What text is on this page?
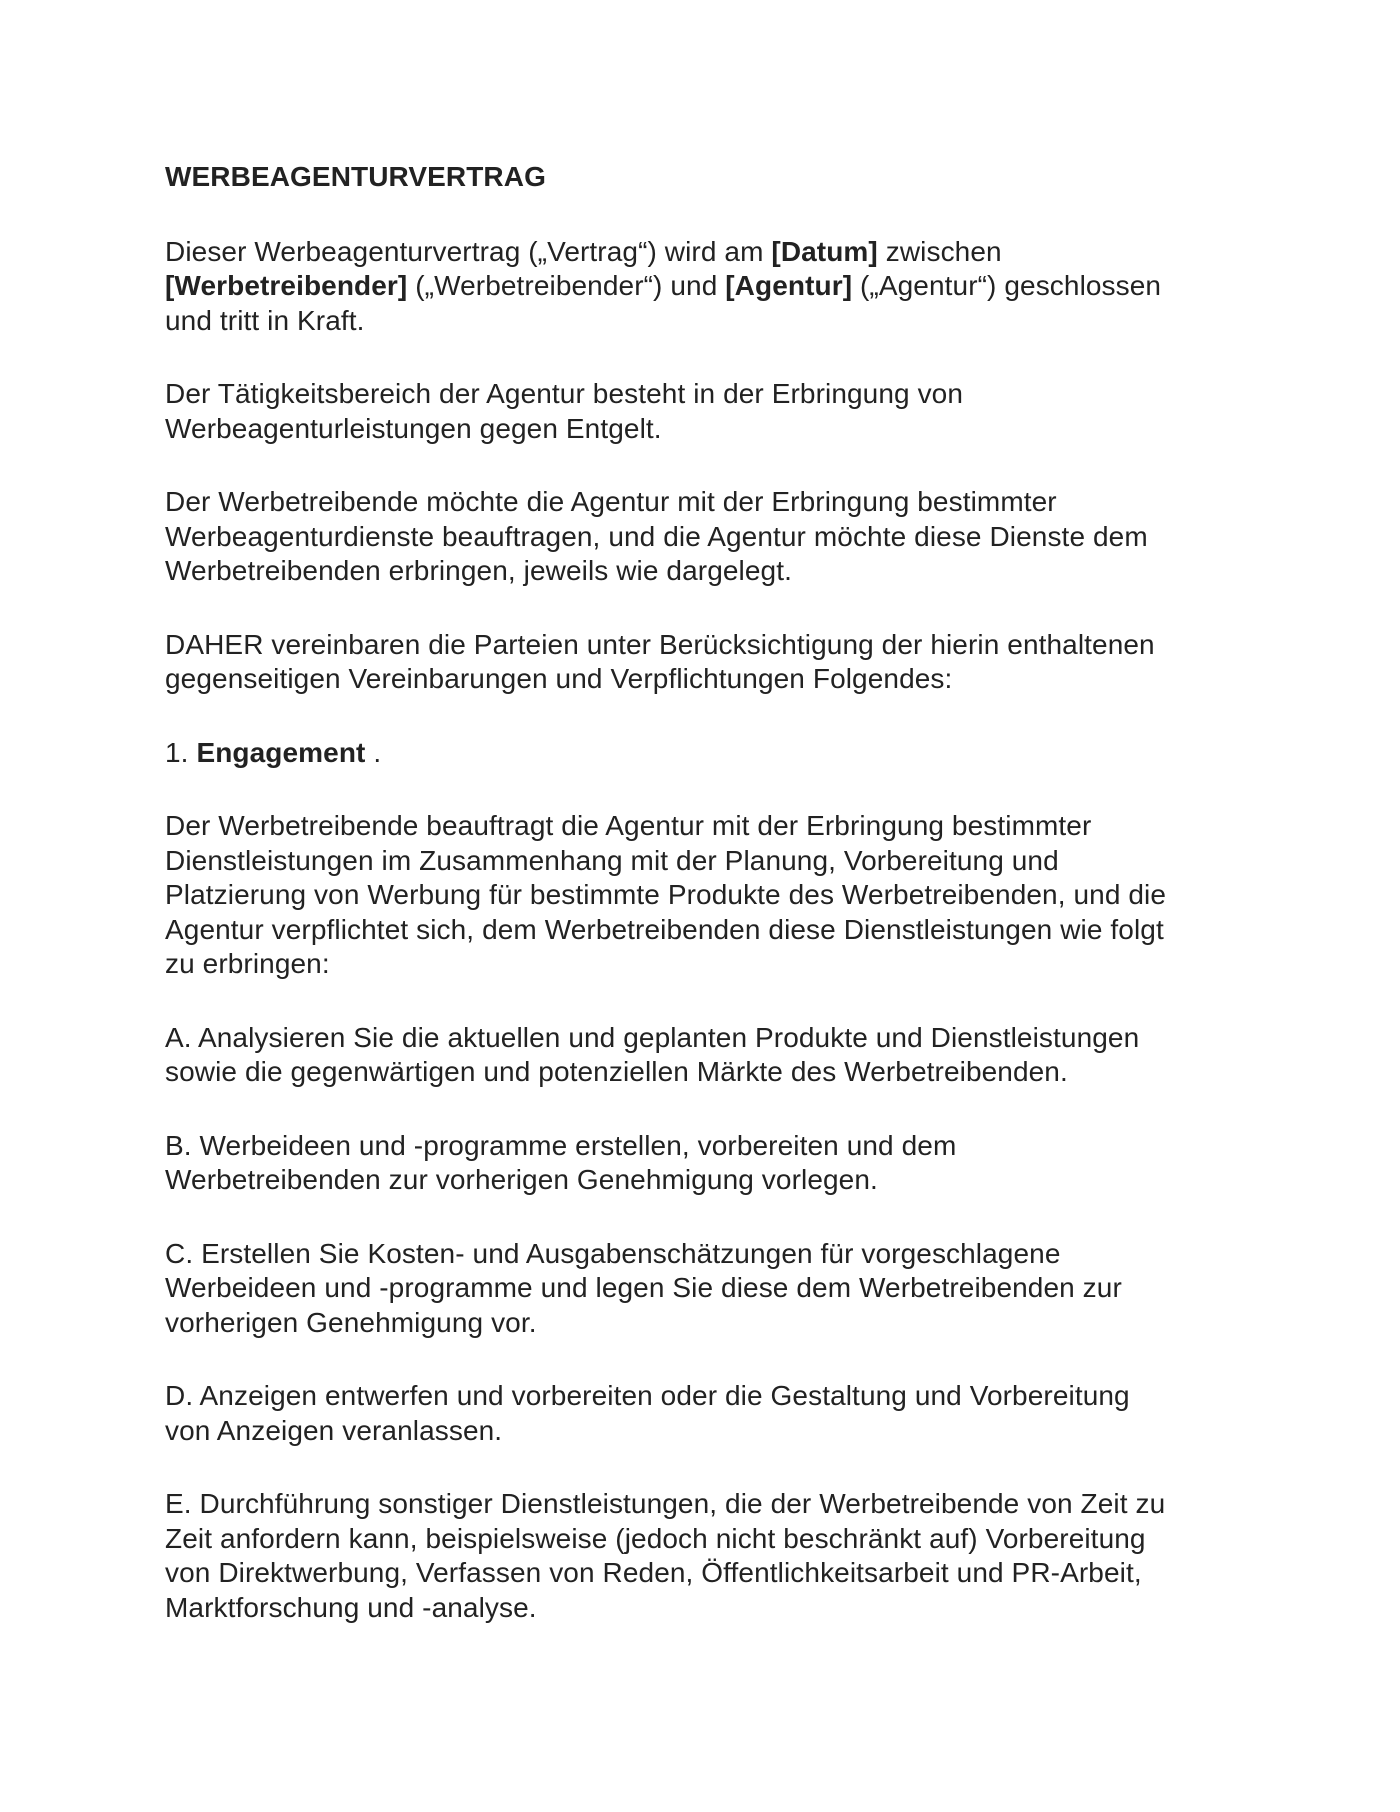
WERBEAGENTURVERTRAG
Dieser Werbeagenturvertrag („Vertrag“) wird am [Datum] zwischen
[Werbetreibender] („Werbetreibender“) und [Agentur] („Agentur“) geschlossen
und tritt in Kraft.
Der Tätigkeitsbereich der Agentur besteht in der Erbringung von
Werbeagenturleistungen gegen Entgelt.
Der Werbetreibende möchte die Agentur mit der Erbringung bestimmter
Werbeagenturdienste beauftragen, und die Agentur möchte diese Dienste dem
Werbetreibenden erbringen, jeweils wie dargelegt.
DAHER vereinbaren die Parteien unter Berücksichtigung der hierin enthaltenen
gegenseitigen Vereinbarungen und Verpflichtungen Folgendes:
1. Engagement .
Der Werbetreibende beauftragt die Agentur mit der Erbringung bestimmter
Dienstleistungen im Zusammenhang mit der Planung, Vorbereitung und
Platzierung von Werbung für bestimmte Produkte des Werbetreibenden, und die
Agentur verpflichtet sich, dem Werbetreibenden diese Dienstleistungen wie folgt
zu erbringen:
A. Analysieren Sie die aktuellen und geplanten Produkte und Dienstleistungen
sowie die gegenwärtigen und potenziellen Märkte des Werbetreibenden.
B. Werbeideen und -programme erstellen, vorbereiten und dem
Werbetreibenden zur vorherigen Genehmigung vorlegen.
C. Erstellen Sie Kosten- und Ausgabenschätzungen für vorgeschlagene
Werbeideen und -programme und legen Sie diese dem Werbetreibenden zur
vorherigen Genehmigung vor.
D. Anzeigen entwerfen und vorbereiten oder die Gestaltung und Vorbereitung
von Anzeigen veranlassen.
E. Durchführung sonstiger Dienstleistungen, die der Werbetreibende von Zeit zu
Zeit anfordern kann, beispielsweise (jedoch nicht beschränkt auf) Vorbereitung
von Direktwerbung, Verfassen von Reden, Öffentlichkeitsarbeit und PR-Arbeit,
Marktforschung und -analyse.
